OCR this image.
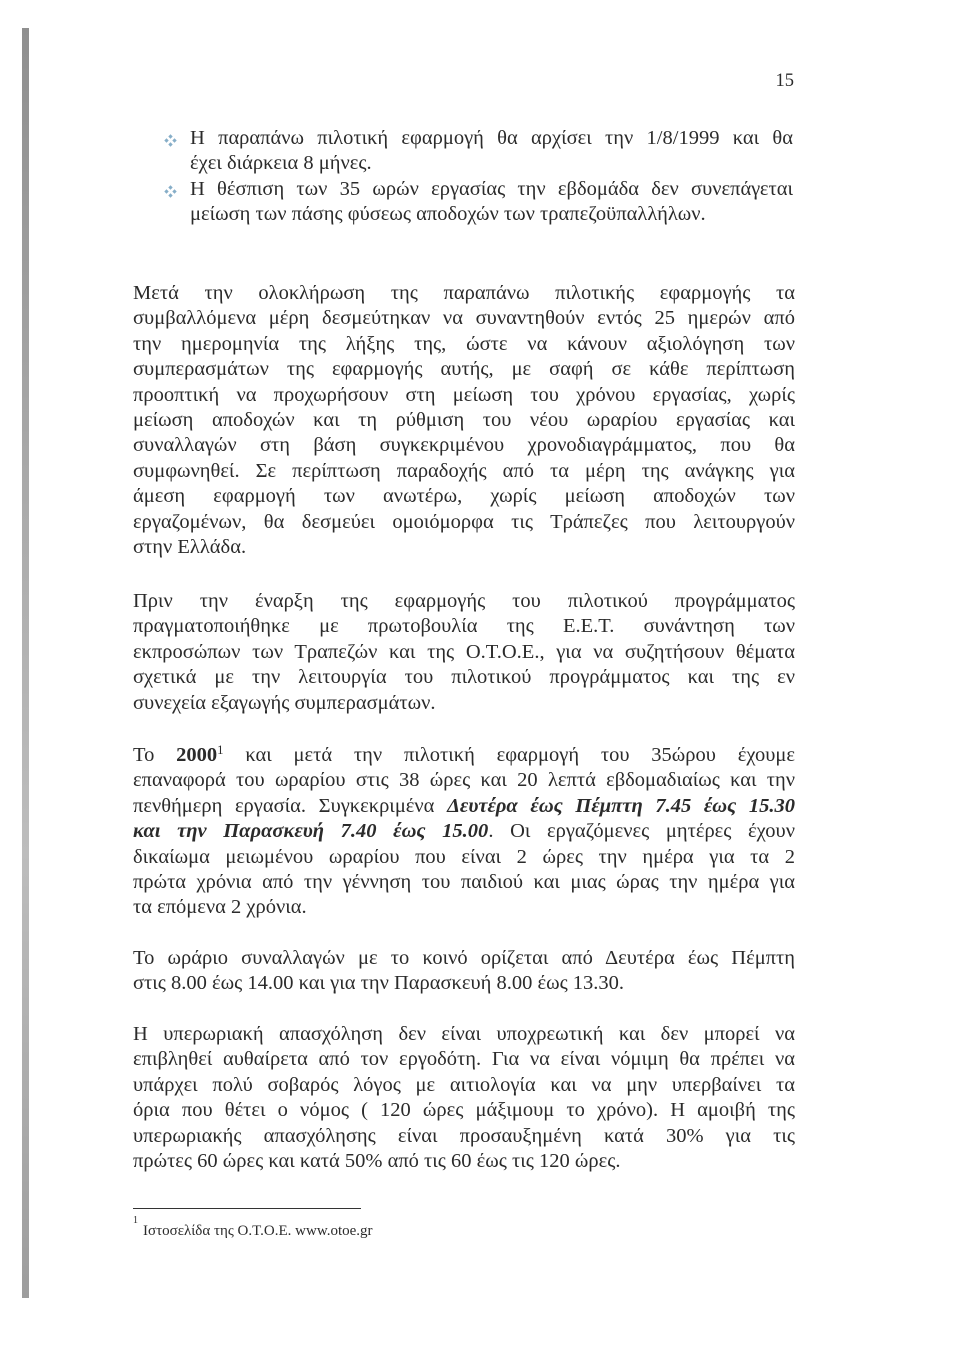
15
Η παραπάνω πιλοτική εφαρμογή θα αρχίσει την 1/8/1999 και θα
έχει διάρκεια 8 μήνες.
Η θέσπιση των 35 ωρών εργασίας την εβδομάδα δεν συνεπάγεται
μείωση των πάσης φύσεως αποδοχών των τραπεζοϋπαλλήλων.
Μετά την ολοκλήρωση της παραπάνω πιλοτικής εφαρμογής τα
συμβαλλόμενα μέρη δεσμεύτηκαν να συναντηθούν εντός 25 ημερών από
την ημερομηνία της λήξης της, ώστε να κάνουν αξιολόγηση των
συμπερασμάτων της εφαρμογής αυτής, με σαφή σε κάθε περίπτωση
προοπτική να προχωρήσουν στη μείωση του χρόνου εργασίας, χωρίς
μείωση αποδοχών και τη ρύθμιση του νέου ωραρίου εργασίας και
συναλλαγών στη βάση συγκεκριμένου χρονοδιαγράμματος, που θα
συμφωνηθεί. Σε περίπτωση παραδοχής από τα μέρη της ανάγκης για
άμεση εφαρμογή των ανωτέρω, χωρίς μείωση αποδοχών των
εργαζομένων, θα δεσμεύει ομοιόμορφα τις Τράπεζες που λειτουργούν
στην Ελλάδα.
Πριν την έναρξη της εφαρμογής του πιλοτικού προγράμματος
πραγματοποιήθηκε με πρωτοβουλία της Ε.Ε.Τ. συνάντηση των
εκπροσώπων των Τραπεζών και της Ο.Τ.Ο.Ε., για να συζητήσουν θέματα
σχετικά με την λειτουργία του πιλοτικού προγράμματος και της εν
συνεχεία εξαγωγής συμπερασμάτων.
Το 2000$^1$ και μετά την πιλοτική εφαρμογή του 35ώρου έχουμε
επαναφορά του ωραρίου στις 38 ώρες και 20 λεπτά εβδομαδιαίως και την
πενθήμερη εργασία. Συγκεκριμένα Δευτέρα έως Πέμπτη 7.45 έως 15.30
και την Παρασκευή 7.40 έως 15.00. Οι εργαζόμενες μητέρες έχουν
δικαίωμα μειωμένου ωραρίου που είναι 2 ώρες την ημέρα για τα 2
πρώτα χρόνια από την γέννηση του παιδιού και μιας ώρας την ημέρα για
τα επόμενα 2 χρόνια.
Το ωράριο συναλλαγών με το κοινό ορίζεται από Δευτέρα έως Πέμπτη
στις 8.00 έως 14.00 και για την Παρασκευή 8.00 έως 13.30.
Η υπερωριακή απασχόληση δεν είναι υποχρεωτική και δεν μπορεί να
επιβληθεί αυθαίρετα από τον εργοδότη. Για να είναι νόμιμη θα πρέπει να
υπάρχει πολύ σοβαρός λόγος με αιτιολογία και να μην υπερβαίνει τα
όρια που θέτει ο νόμος ( 120 ώρες μάξιμουμ το χρόνο). Η αμοιβή της
υπερωριακής απασχόλησης είναι προσαυξημένη κατά 30% για τις
πρώτες 60 ώρες και κατά 50% από τις 60 έως τις 120 ώρες.
$^1$Ιστοσελίδα της Ο.Τ.Ο.Ε. www.otoe.gr
